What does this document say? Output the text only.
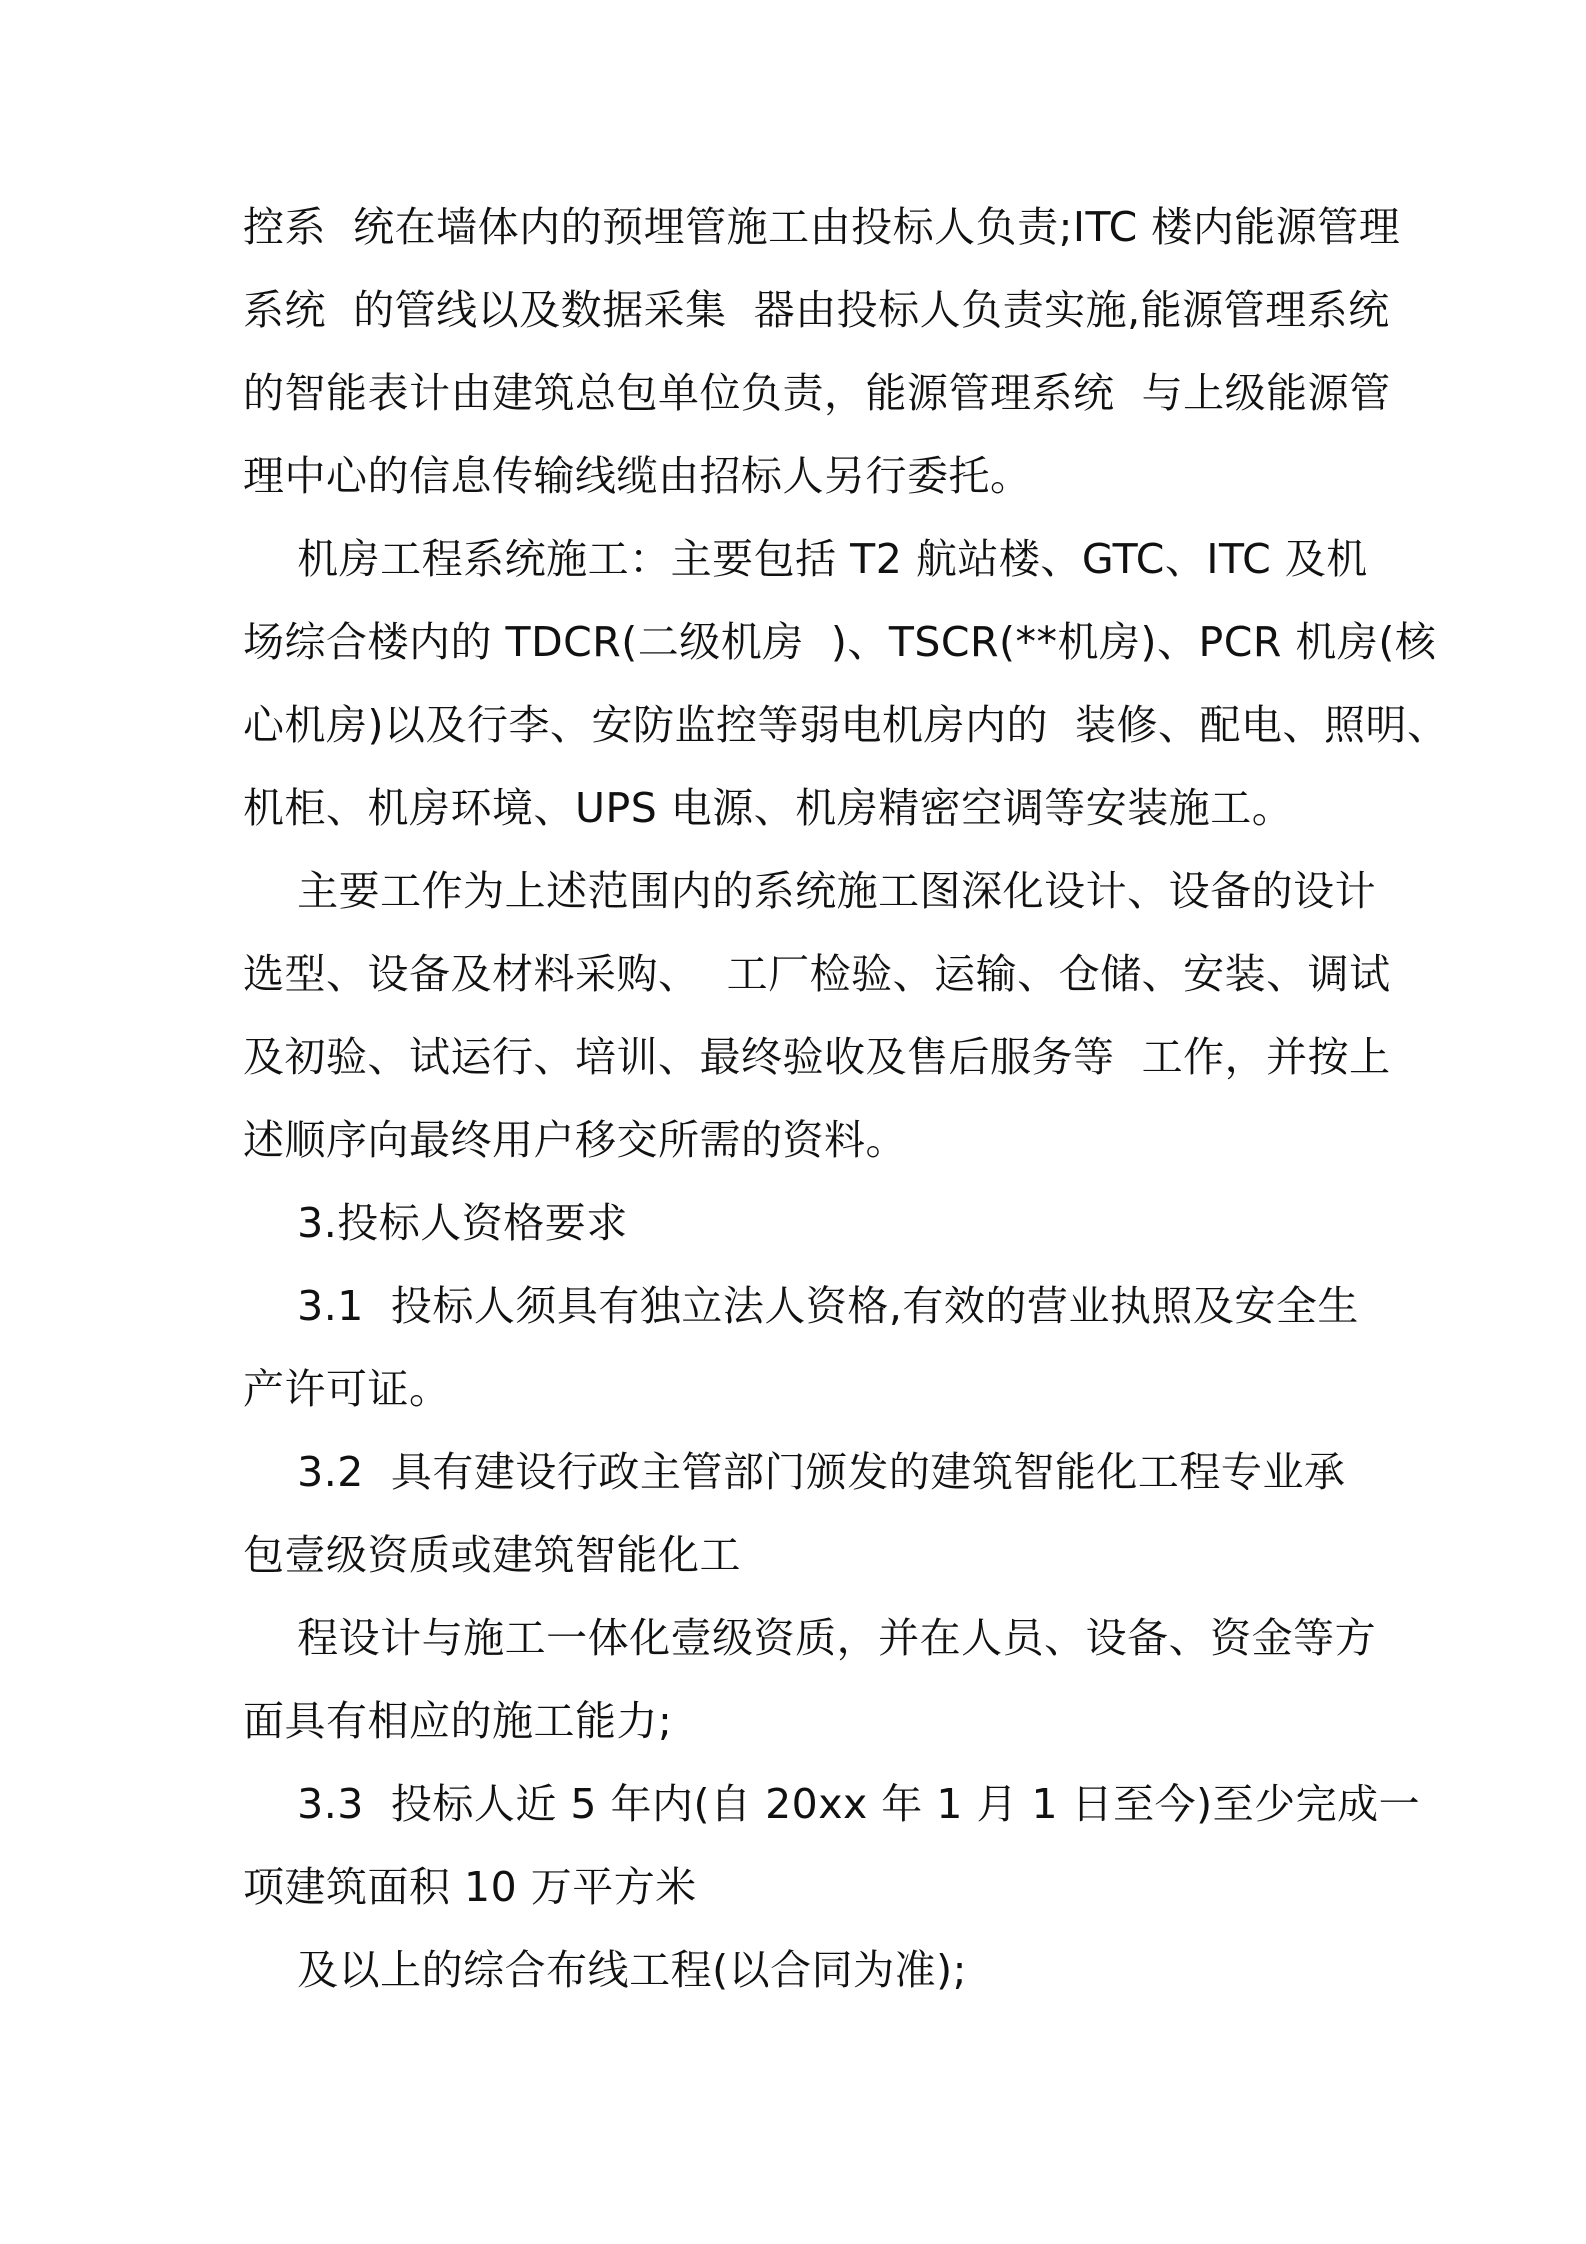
控系  统在墙体内的预埋管施工由投标人负责;ITC 楼内能源管理
系统  的管线以及数据采集  器由投标人负责实施,能源管理系统
的智能表计由建筑总包单位负责，能源管理系统  与上级能源管
理中心的信息传输线缆由招标人另行委托。
机房工程系统施工：主要包括 T2 航站楼、GTC、ITC 及机
场综合楼内的 TDCR(二级机房  )、TSCR(**机房)、PCR 机房(核
心机房)以及行李、安防监控等弱电机房内的  装修、配电、照明、
机柜、机房环境、UPS 电源、机房精密空调等安装施工。
主要工作为上述范围内的系统施工图深化设计、设备的设计
选型、设备及材料采购、  工厂检验、运输、仓储、安装、调试
及初验、试运行、培训、最终验收及售后服务等  工作，并按上
述顺序向最终用户移交所需的资料。
3.投标人资格要求
3.1  投标人须具有独立法人资格,有效的营业执照及安全生
产许可证。
3.2  具有建设行政主管部门颁发的建筑智能化工程专业承
包壹级资质或建筑智能化工
程设计与施工一体化壹级资质，并在人员、设备、资金等方
面具有相应的施工能力;
3.3  投标人近 5 年内(自 20xx 年 1 月 1 日至今)至少完成一
项建筑面积 10 万平方米
及以上的综合布线工程(以合同为准);
